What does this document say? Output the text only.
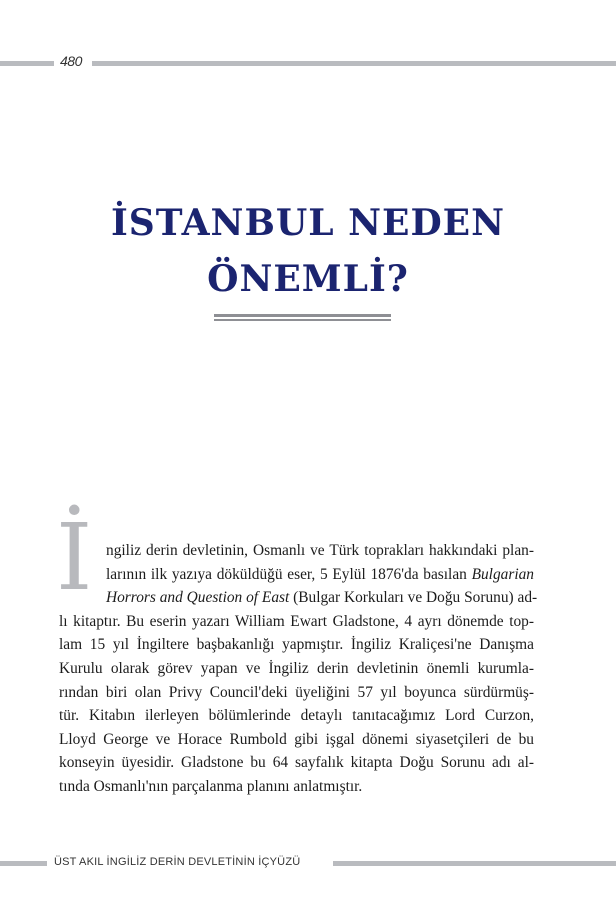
480
İSTANBUL NEDEN
ÖNEMLİ?
İ ngiliz derin devletinin, Osmanlı ve Türk toprakları hakkındaki plan-
larının ilk yazıya döküldüğü eser, 5 Eylül 1876'da basılan Bulgarian
Horrors and Question of East (Bulgar Korkuları ve Doğu Sorunu) ad-
lı kitaptır. Bu eserin yazarı William Ewart Gladstone, 4 ayrı dönemde top-
lam 15 yıl İngiltere başbakanlığı yapmıştır. İngiliz Kraliçesi'ne Danışma
Kurulu olarak görev yapan ve İngiliz derin devletinin önemli kurumla-
rından biri olan Privy Council'deki üyeliğini 57 yıl boyunca sürdürmüş-
tür. Kitabın ilerleyen bölümlerinde detaylı tanıtacağımız Lord Curzon,
Lloyd George ve Horace Rumbold gibi işgal dönemi siyasetçileri de bu
konseyin üyesidir. Gladstone bu 64 sayfalık kitapta Doğu Sorunu adı al-
tında Osmanlı'nın parçalanma planını anlatmıştır.
ÜST AKIL İNGİLİZ DERİN DEVLETİNİN İÇYÜZÜ
